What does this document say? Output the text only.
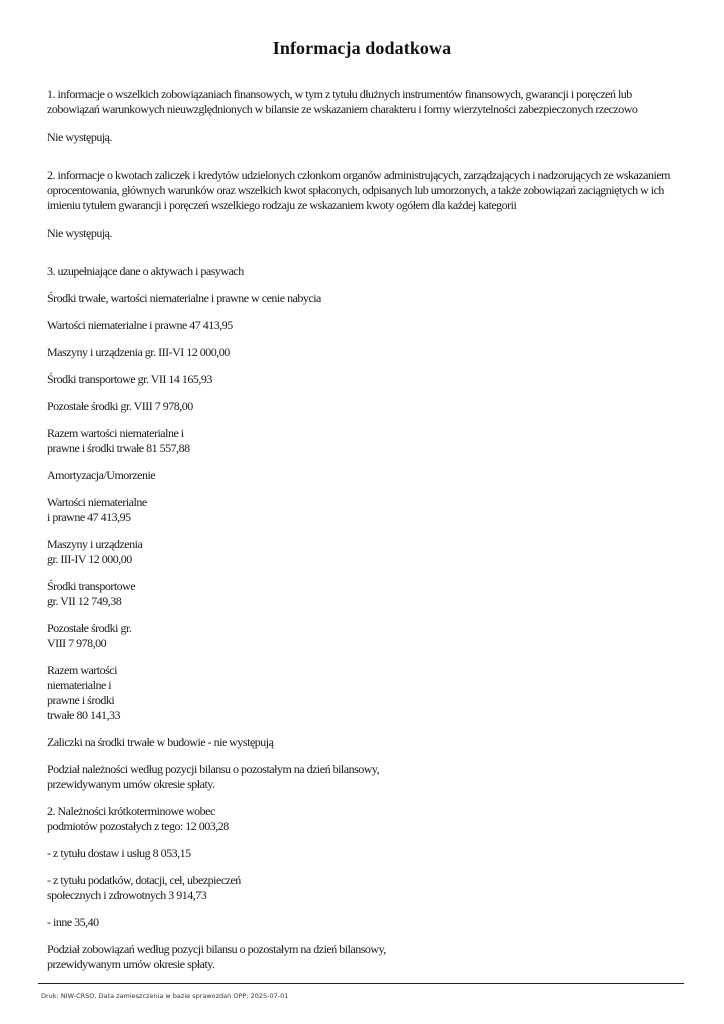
Informacja dodatkowa

1. informacje o wszelkich zobowiązaniach finansowych, w tym z tytułu dłużnych instrumentów finansowych, gwarancji i poręczeń lub
zobowiązań warunkowych nieuwzględnionych w bilansie ze wskazaniem charakteru i formy wierzytelności zabezpieczonych rzeczowo

Nie występują.

2. informacje o kwotach zaliczek i kredytów udzielonych członkom organów administrujących, zarządzających i nadzorujących ze wskazaniem
oprocentowania, głównych warunków oraz wszelkich kwot spłaconych, odpisanych lub umorzonych, a także zobowiązań zaciągniętych w ich
imieniu tytułem gwarancji i poręczeń wszelkiego rodzaju ze wskazaniem kwoty ogółem dla każdej kategorii

Nie występują.

3. uzupełniające dane o aktywach i pasywach

Środki trwałe, wartości niematerialne i prawne w cenie nabycia

Wartości niematerialne i prawne 47 413,95

Maszyny i urządzenia gr. III-VI 12 000,00

Środki transportowe gr. VII 14 165,93

Pozostałe środki gr. VIII 7 978,00

Razem wartości niematerialne i
prawne i środki trwałe 81 557,88

Amortyzacja/Umorzenie

Wartości niematerialne
i prawne 47 413,95

Maszyny i urządzenia
gr. III-IV 12 000,00

Środki transportowe
gr. VII 12 749,38

Pozostałe środki gr.
VIII 7 978,00

Razem wartości
niematerialne i
prawne i środki
trwałe 80 141,33

Zaliczki na środki trwałe w budowie - nie występują

Podział należności według pozycji bilansu o pozostałym na dzień bilansowy,
przewidywanym umów okresie spłaty.

2. Należności krótkoterminowe wobec
podmiotów pozostałych z tego: 12 003,28

- z tytułu dostaw i usług 8 053,15

- z tytułu podatków, dotacji, ceł, ubezpieczeń
społecznych i zdrowotnych 3 914,73

- inne 35,40

Podział zobowiązań według pozycji bilansu o pozostałym na dzień bilansowy,
przewidywanym umów okresie spłaty.

Druk: NIW-CRSO, Data zamieszczenia w bazie sprawozdań OPP: 2025-07-01
